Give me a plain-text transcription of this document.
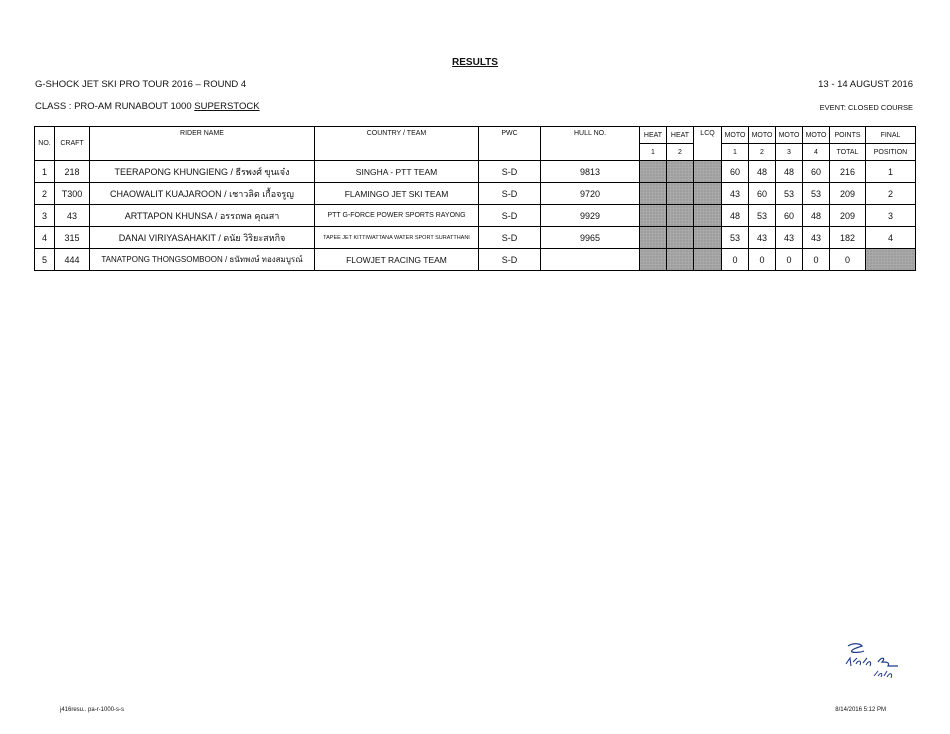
RESULTS
G-SHOCK JET SKI PRO TOUR 2016 – ROUND 4	13 - 14 AUGUST 2016
CLASS : PRO-AM RUNABOUT 1000 SUPERSTOCK	EVENT: CLOSED COURSE
NO.	CRAFT	RIDER NAME	COUNTRY / TEAM	PWC	HULL NO.	HEAT	HEAT	LCQ	MOTO	MOTO	MOTO	MOTO	POINTS	FINAL
						1	2		1	2	3	4	TOTAL	POSITION
1	218	TEERAPONG KHUNGIENG / ธีรพงศ์ ขุนเจ๋ง	SINGHA - PTT TEAM	S-D	9813				60	48	48	60	216	1
2	T300	CHAOWALIT KUAJAROON / เชาวลิต เกื้อจรูญ	FLAMINGO JET SKI TEAM	S-D	9720				43	60	53	53	209	2
3	43	ARTTAPON KHUNSA / อรรถพล คุณสา	PTT G-FORCE POWER SPORTS RAYONG	S-D	9929				48	53	60	48	209	3
4	315	DANAI VIRIYASAHAKIT / ดนัย วิริยะสหกิจ	TAPEE JET KITTIWATTANA WATER SPORT SURATTHANI	S-D	9965				53	43	43	43	182	4
5	444	TANATPONG THONGSOMBOON / ธนัทพงษ์ ทองสมบูรณ์	FLOWJET RACING TEAM	S-D					0	0	0	0	0	
j416resu.. pa-r-1000-s-s	8/14/2016 5:12 PM
